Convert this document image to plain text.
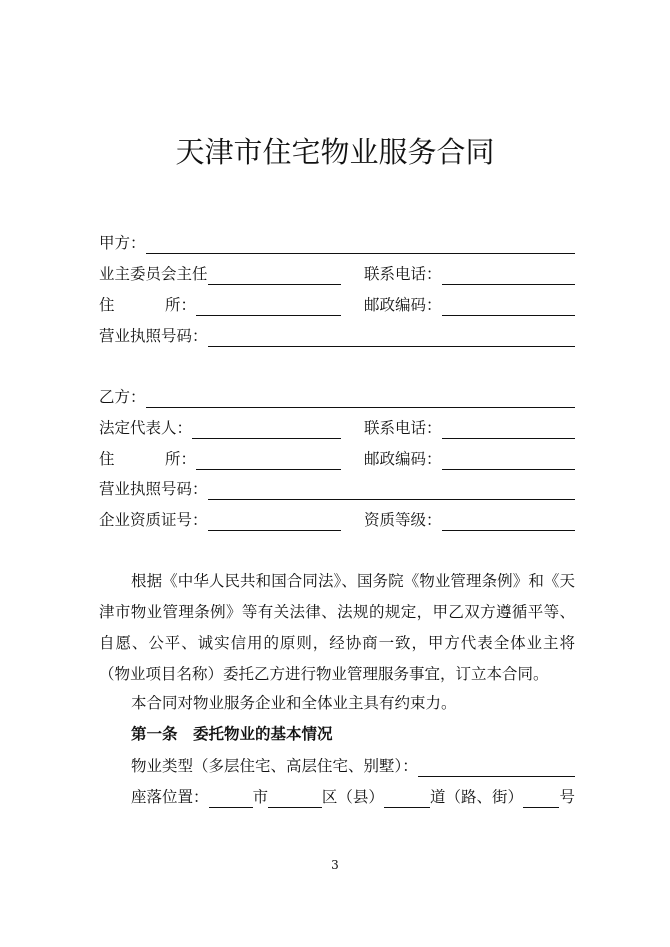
天津市住宅物业服务合同
甲方：
业主委员会主任	联系电话：
住	所：	邮政编码：
营业执照号码：
乙方：
法定代表人：	联系电话：
住	所：	邮政编码：
营业执照号码：
企业资质证号：	资质等级：
根据《中华人民共和国合同法》、国务院《物业管理条例》和《天津市物业管理条例》等有关法律、法规的规定，甲乙双方遵循平等、自愿、公平、诚实信用的原则，经协商一致，甲方代表全体业主将（物业项目名称）委托乙方进行物业管理服务事宜，订立本合同。
本合同对物业服务企业和全体业主具有约束力。
第一条　委托物业的基本情况
物业类型（多层住宅、高层住宅、别墅）：
座落位置：	市	区（县）	道（路、街） 号
3
